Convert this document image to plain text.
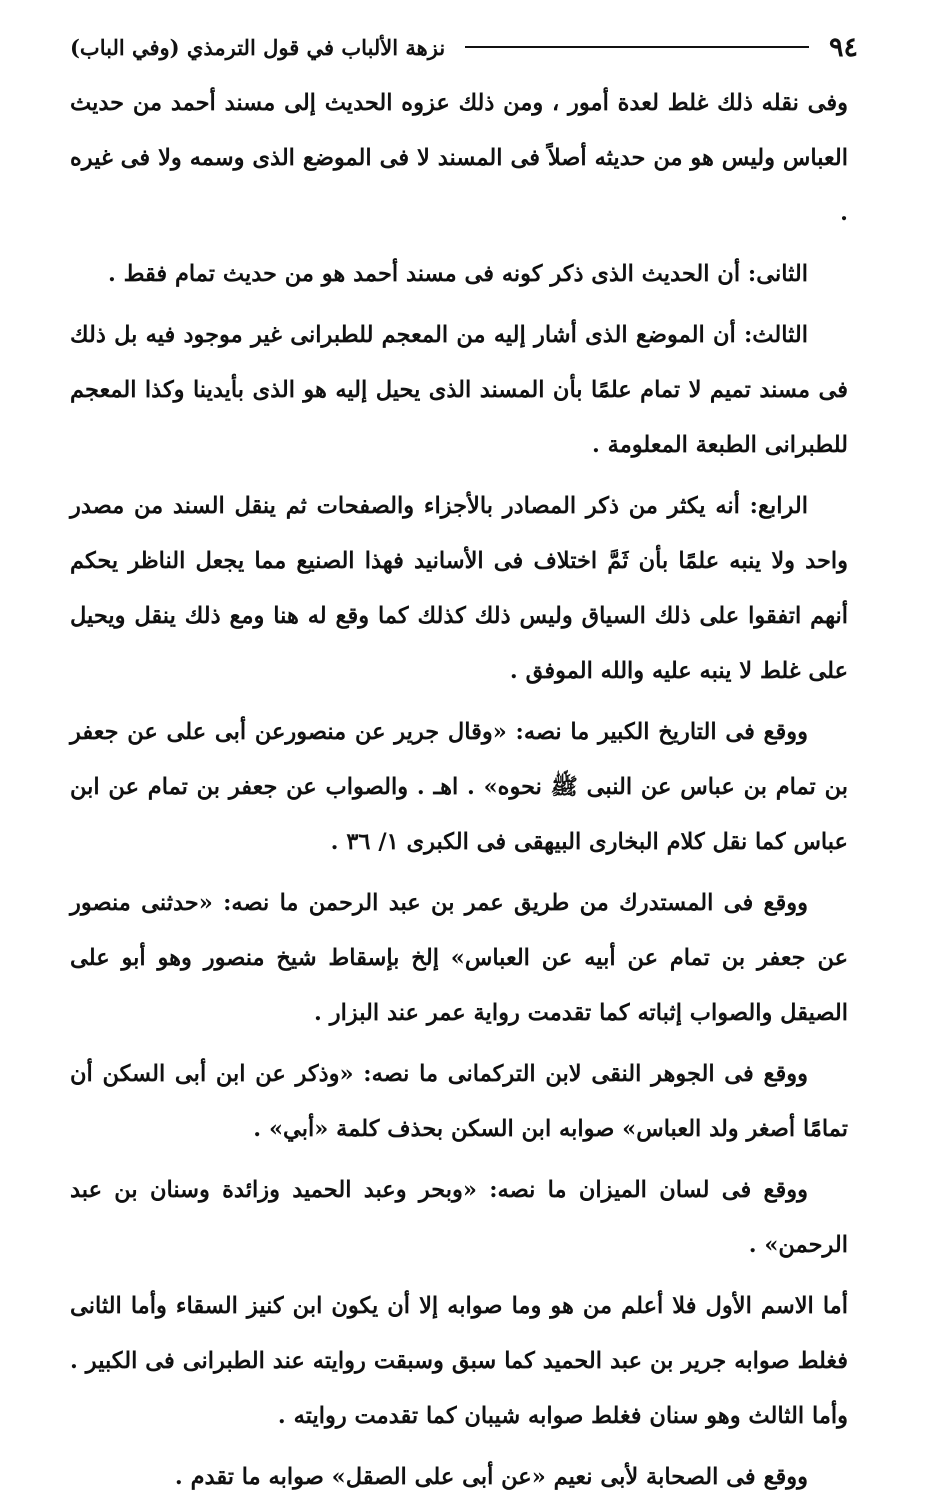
٩٤
نزهة الألباب في قول الترمذي (وفي الباب)

وفى نقله ذلك غلط لعدة أمور ، ومن ذلك عزوه الحديث إلى مسند أحمد من حديث العباس وليس هو من حديثه أصلاً فى المسند لا فى الموضع الذى وسمه ولا فى غيره .

الثانى: أن الحديث الذى ذكر كونه فى مسند أحمد هو من حديث تمام فقط .

الثالث: أن الموضع الذى أشار إليه من المعجم للطبرانى غير موجود فيه بل ذلك فى مسند تميم لا تمام علمًا بأن المسند الذى يحيل إليه هو الذى بأيدينا وكذا المعجم للطبرانى الطبعة المعلومة .

الرابع: أنه يكثر من ذكر المصادر بالأجزاء والصفحات ثم ينقل السند من مصدر واحد ولا ينبه علمًا بأن ثَمَّ اختلاف فى الأسانيد فهذا الصنيع مما يجعل الناظر يحكم أنهم اتفقوا على ذلك السياق وليس ذلك كذلك كما وقع له هنا ومع ذلك ينقل ويحيل على غلط لا ينبه عليه والله الموفق .

ووقع فى التاريخ الكبير ما نصه: «وقال جرير عن منصورعن أبى على عن جعفر بن تمام بن عباس عن النبى ﷺ نحوه» . اهـ . والصواب عن جعفر بن تمام عن ابن عباس كما نقل كلام البخارى البيهقى فى الكبرى ١/ ٣٦ .

ووقع فى المستدرك من طريق عمر بن عبد الرحمن ما نصه: «حدثنى منصور عن جعفر بن تمام عن أبيه عن العباس» إلخ بإسقاط شيخ منصور وهو أبو على الصيقل والصواب إثباته كما تقدمت رواية عمر عند البزار .

ووقع فى الجوهر النقى لابن التركمانى ما نصه: «وذكر عن ابن أبى السكن أن تمامًا أصغر ولد العباس» صوابه ابن السكن بحذف كلمة «أبي» .

ووقع فى لسان الميزان ما نصه: «وبحر وعبد الحميد وزائدة وسنان بن عبد الرحمن» .

أما الاسم الأول فلا أعلم من هو وما صوابه إلا أن يكون ابن كنيز السقاء وأما الثانى فغلط صوابه جرير بن عبد الحميد كما سبق وسبقت روايته عند الطبرانى فى الكبير . وأما الثالث وهو سنان فغلط صوابه شيبان كما تقدمت روايته .

ووقع فى الصحابة لأبى نعيم «عن أبى على الصقل» صوابه ما تقدم .
